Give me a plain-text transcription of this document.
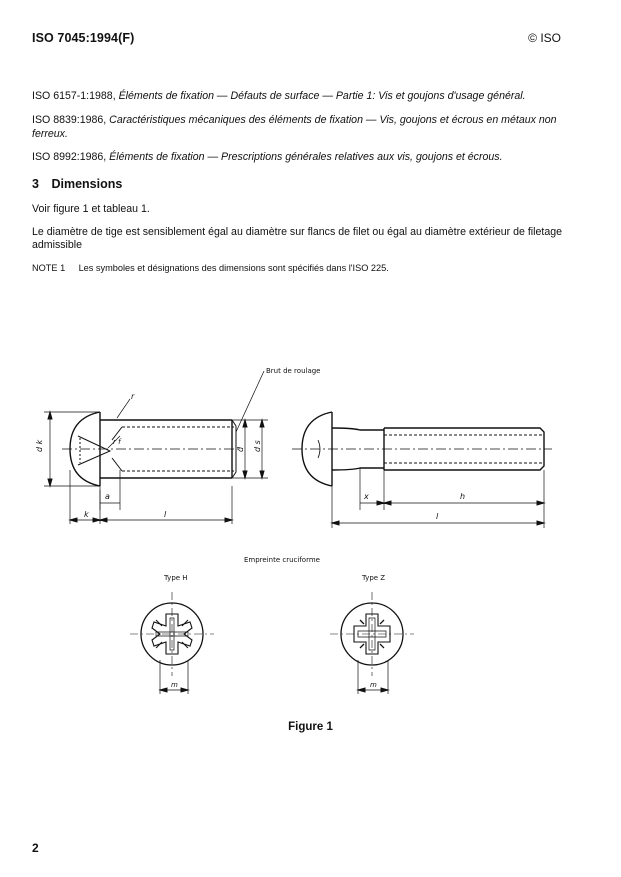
ISO 7045:1994(F)	© ISO
ISO 6157-1:1988, Éléments de fixation — Défauts de surface — Partie 1: Vis et goujons d'usage général.
ISO 8839:1986, Caractéristiques mécaniques des éléments de fixation — Vis, goujons et écrous en métaux non ferreux.
ISO 8992:1986, Éléments de fixation — Prescriptions générales relatives aux vis, goujons et écrous.
3 Dimensions
Voir figure 1 et tableau 1.
Le diamètre de tige est sensiblement égal au diamètre sur flancs de filet ou égal au diamètre extérieur de filetage admissible
NOTE 1 Les symboles et désignations des dimensions sont spécifiés dans l'ISO 225.
Brut de roulage
Empreinte cruciforme
Type H	Type Z
r
r f
d k	d d s
a
k	l
x	h
l
m	m
Figure 1
2
